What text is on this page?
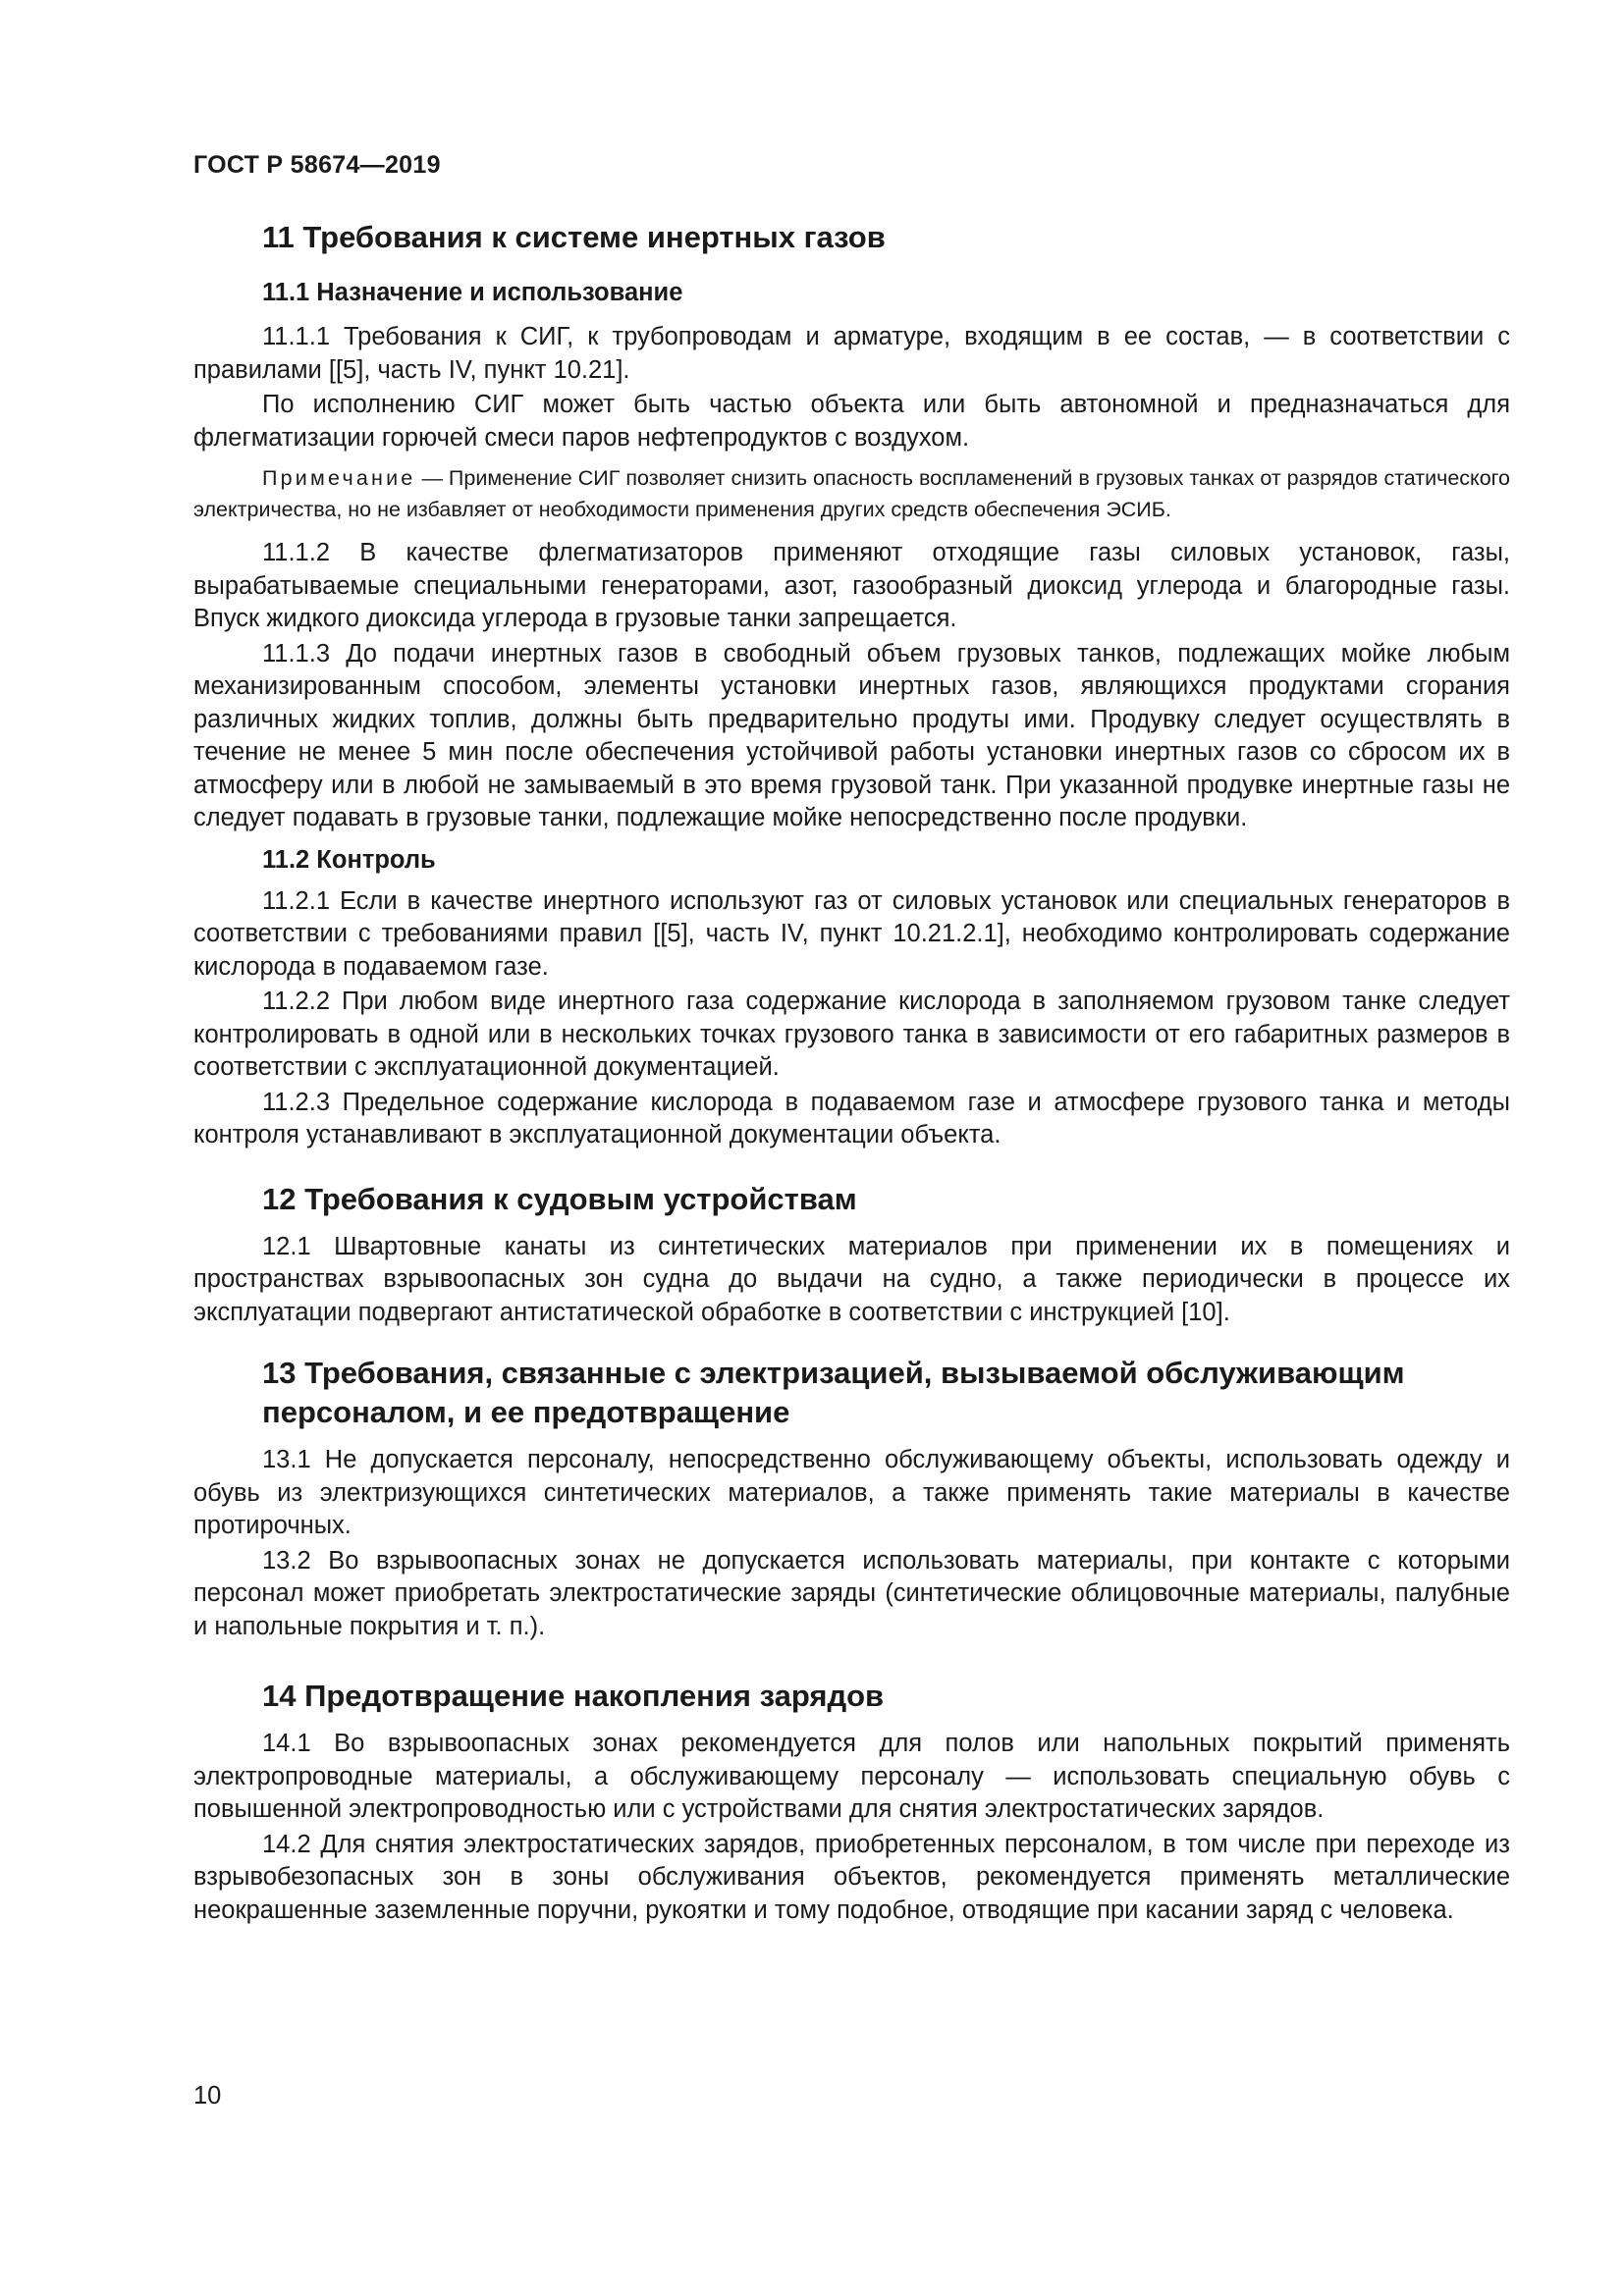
ГОСТ Р 58674—2019
11 Требования к системе инертных газов
11.1 Назначение и использование

11.1.1 Требования к СИГ, к трубопроводам и арматуре, входящим в ее состав, — в соответствии с правилами [[5], часть IV, пункт 10.21].

По исполнению СИГ может быть частью объекта или быть автономной и предназначаться для флегматизации горючей смеси паров нефтепродуктов с воздухом.

Примечание — Применение СИГ позволяет снизить опасность воспламенений в грузовых танках от разрядов статического электричества, но не избавляет от необходимости применения других средств обеспечения ЭСИБ.

11.1.2 В качестве флегматизаторов применяют отходящие газы силовых установок, газы, вырабатываемые специальными генераторами, азот, газообразный диоксид углерода и благородные газы. Впуск жидкого диоксида углерода в грузовые танки запрещается.

11.1.3 До подачи инертных газов в свободный объем грузовых танков, подлежащих мойке любым механизированным способом, элементы установки инертных газов, являющихся продуктами сгорания различных жидких топлив, должны быть предварительно продуты ими. Продувку следует осуществлять в течение не менее 5 мин после обеспечения устойчивой работы установки инертных газов со сбросом их в атмосферу или в любой не замываемый в это время грузовой танк. При указанной продувке инертные газы не следует подавать в грузовые танки, подлежащие мойке непосредственно после продувки.

11.2 Контроль

11.2.1 Если в качестве инертного используют газ от силовых установок или специальных генераторов в соответствии с требованиями правил [[5], часть IV, пункт 10.21.2.1], необходимо контролировать содержание кислорода в подаваемом газе.

11.2.2 При любом виде инертного газа содержание кислорода в заполняемом грузовом танке следует контролировать в одной или в нескольких точках грузового танка в зависимости от его габаритных размеров в соответствии с эксплуатационной документацией.

11.2.3 Предельное содержание кислорода в подаваемом газе и атмосфере грузового танка и методы контроля устанавливают в эксплуатационной документации объекта.

12 Требования к судовым устройствам

12.1 Швартовные канаты из синтетических материалов при применении их в помещениях и пространствах взрывоопасных зон судна до выдачи на судно, а также периодически в процессе их эксплуатации подвергают антистатической обработке в соответствии с инструкцией [10].

13 Требования, связанные с электризацией, вызываемой обслуживающим персоналом, и ее предотвращение

13.1 Не допускается персоналу, непосредственно обслуживающему объекты, использовать одежду и обувь из электризующихся синтетических материалов, а также применять такие материалы в качестве протирочных.

13.2 Во взрывоопасных зонах не допускается использовать материалы, при контакте с которыми персонал может приобретать электростатические заряды (синтетические облицовочные материалы, палубные и напольные покрытия и т. п.).

14 Предотвращение накопления зарядов

14.1 Во взрывоопасных зонах рекомендуется для полов или напольных покрытий применять электропроводные материалы, а обслуживающему персоналу — использовать специальную обувь с повышенной электропроводностью или с устройствами для снятия электростатических зарядов.

14.2 Для снятия электростатических зарядов, приобретенных персоналом, в том числе при переходе из взрывобезопасных зон в зоны обслуживания объектов, рекомендуется применять металлические неокрашенные заземленные поручни, рукоятки и тому подобное, отводящие при касании заряд с человека.

10
